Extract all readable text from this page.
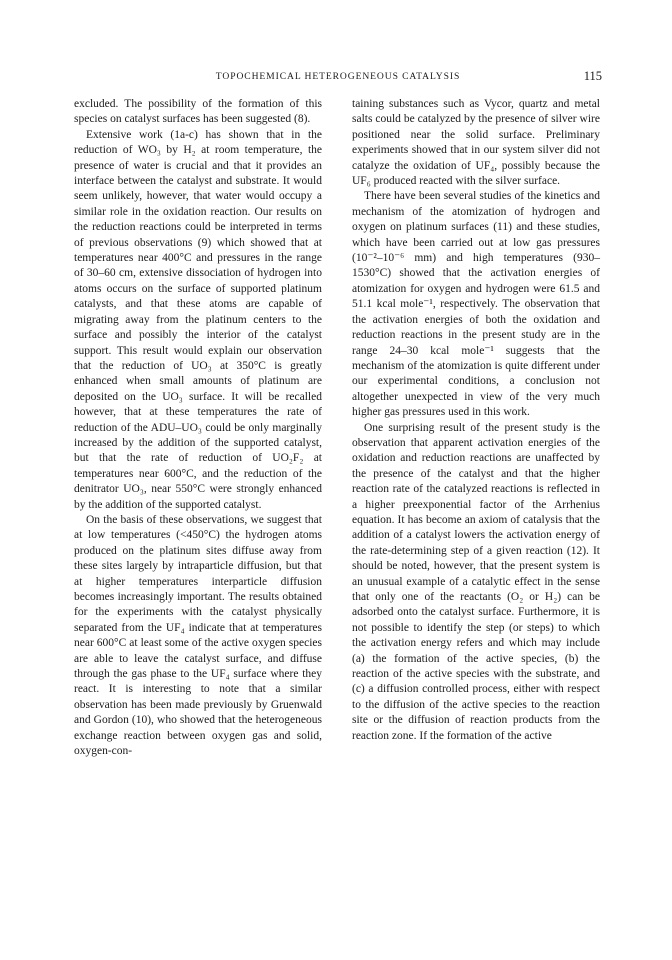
TOPOCHEMICAL HETEROGENEOUS CATALYSIS	115

excluded. The possibility of the formation of this species on catalyst surfaces has been suggested (8).

Extensive work (1a-c) has shown that in the reduction of WO₃ by H₂ at room temperature, the presence of water is crucial and that it provides an interface between the catalyst and substrate. It would seem unlikely, however, that water would occupy a similar role in the oxidation reaction. Our results on the reduction reactions could be interpreted in terms of previous observations (9) which showed that at temperatures near 400°C and pressures in the range of 30–60 cm, extensive dissociation of hydrogen into atoms occurs on the surface of supported platinum catalysts, and that these atoms are capable of migrating away from the platinum centers to the surface and possibly the interior of the catalyst support. This result would explain our observation that the reduction of UO₃ at 350°C is greatly enhanced when small amounts of platinum are deposited on the UO₃ surface. It will be recalled however, that at these temperatures the rate of reduction of the ADU–UO₃ could be only marginally increased by the addition of the supported catalyst, but that the rate of reduction of UO₂F₂ at temperatures near 600°C, and the reduction of the denitrator UO₃, near 550°C were strongly enhanced by the addition of the supported catalyst.

On the basis of these observations, we suggest that at low temperatures (<450°C) the hydrogen atoms produced on the platinum sites diffuse away from these sites largely by intraparticle diffusion, but that at higher temperatures interparticle diffusion becomes increasingly important. The results obtained for the experiments with the catalyst physically separated from the UF₄ indicate that at temperatures near 600°C at least some of the active oxygen species are able to leave the catalyst surface, and diffuse through the gas phase to the UF₄ surface where they react. It is interesting to note that a similar observation has been made previously by Gruenwald and Gordon (10), who showed that the heterogeneous exchange reaction between oxygen gas and solid, oxygen-con-

taining substances such as Vycor, quartz and metal salts could be catalyzed by the presence of silver wire positioned near the solid surface. Preliminary experiments showed that in our system silver did not catalyze the oxidation of UF₄, possibly because the UF₆ produced reacted with the silver surface.

There have been several studies of the kinetics and mechanism of the atomization of hydrogen and oxygen on platinum surfaces (11) and these studies, which have been carried out at low gas pressures (10⁻²–10⁻⁶ mm) and high temperatures (930–1530°C) showed that the activation energies of atomization for oxygen and hydrogen were 61.5 and 51.1 kcal mole⁻¹, respectively. The observation that the activation energies of both the oxidation and reduction reactions in the present study are in the range 24–30 kcal mole⁻¹ suggests that the mechanism of the atomization is quite different under our experimental conditions, a conclusion not altogether unexpected in view of the very much higher gas pressures used in this work.

One surprising result of the present study is the observation that apparent activation energies of the oxidation and reduction reactions are unaffected by the presence of the catalyst and that the higher reaction rate of the catalyzed reactions is reflected in a higher preexponential factor of the Arrhenius equation. It has become an axiom of catalysis that the addition of a catalyst lowers the activation energy of the rate-determining step of a given reaction (12). It should be noted, however, that the present system is an unusual example of a catalytic effect in the sense that only one of the reactants (O₂ or H₂) can be adsorbed onto the catalyst surface. Furthermore, it is not possible to identify the step (or steps) to which the activation energy refers and which may include (a) the formation of the active species, (b) the reaction of the active species with the substrate, and (c) a diffusion controlled process, either with respect to the diffusion of the active species to the reaction site or the diffusion of reaction products from the reaction zone. If the formation of the active
